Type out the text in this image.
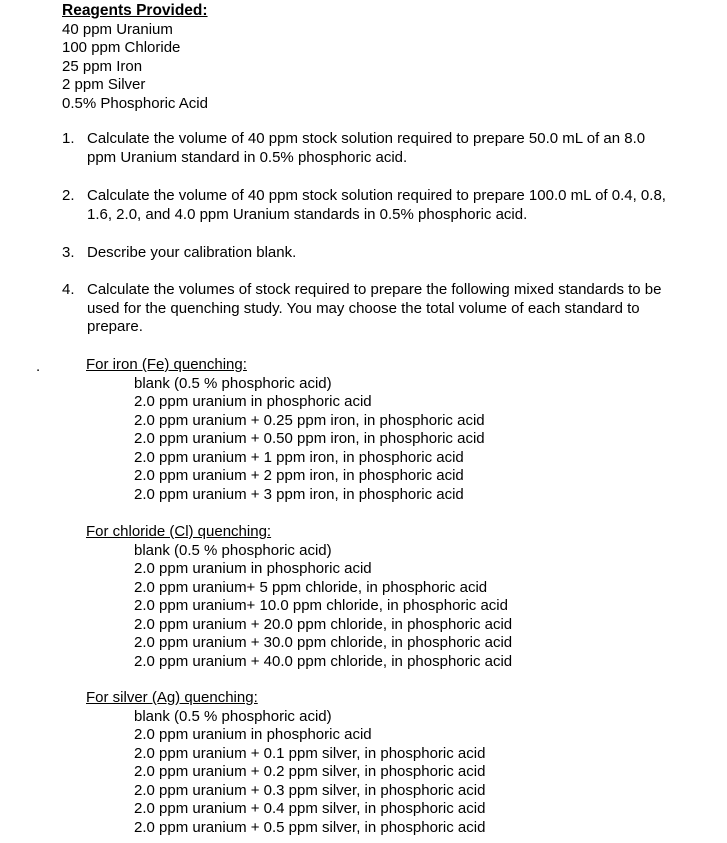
Reagents Provided:
40 ppm Uranium
100 ppm Chloride
25 ppm Iron
2 ppm Silver
0.5% Phosphoric Acid
1. Calculate the volume of 40 ppm stock solution required to prepare 50.0 mL of an 8.0 ppm Uranium standard in 0.5% phosphoric acid.
2. Calculate the volume of 40 ppm stock solution required to prepare 100.0 mL of 0.4, 0.8, 1.6, 2.0, and 4.0 ppm Uranium standards in 0.5% phosphoric acid.
3. Describe your calibration blank.
4. Calculate the volumes of stock required to prepare the following mixed standards to be used for the quenching study. You may choose the total volume of each standard to prepare.
.	For iron (Fe) quenching:
blank (0.5 % phosphoric acid)
2.0 ppm uranium in phosphoric acid
2.0 ppm uranium + 0.25 ppm iron, in phosphoric acid
2.0 ppm uranium + 0.50 ppm iron, in phosphoric acid
2.0 ppm uranium + 1 ppm iron, in phosphoric acid
2.0 ppm uranium + 2 ppm iron, in phosphoric acid
2.0 ppm uranium + 3 ppm iron, in phosphoric acid
For chloride (Cl) quenching:
blank (0.5 % phosphoric acid)
2.0 ppm uranium in phosphoric acid
2.0 ppm uranium+ 5 ppm chloride, in phosphoric acid
2.0 ppm uranium+ 10.0 ppm chloride, in phosphoric acid
2.0 ppm uranium + 20.0 ppm chloride, in phosphoric acid
2.0 ppm uranium + 30.0 ppm chloride, in phosphoric acid
2.0 ppm uranium + 40.0 ppm chloride, in phosphoric acid
For silver (Ag) quenching:
blank (0.5 % phosphoric acid)
2.0 ppm uranium in phosphoric acid
2.0 ppm uranium + 0.1 ppm silver, in phosphoric acid
2.0 ppm uranium + 0.2 ppm silver, in phosphoric acid
2.0 ppm uranium + 0.3 ppm silver, in phosphoric acid
2.0 ppm uranium + 0.4 ppm silver, in phosphoric acid
2.0 ppm uranium + 0.5 ppm silver, in phosphoric acid
